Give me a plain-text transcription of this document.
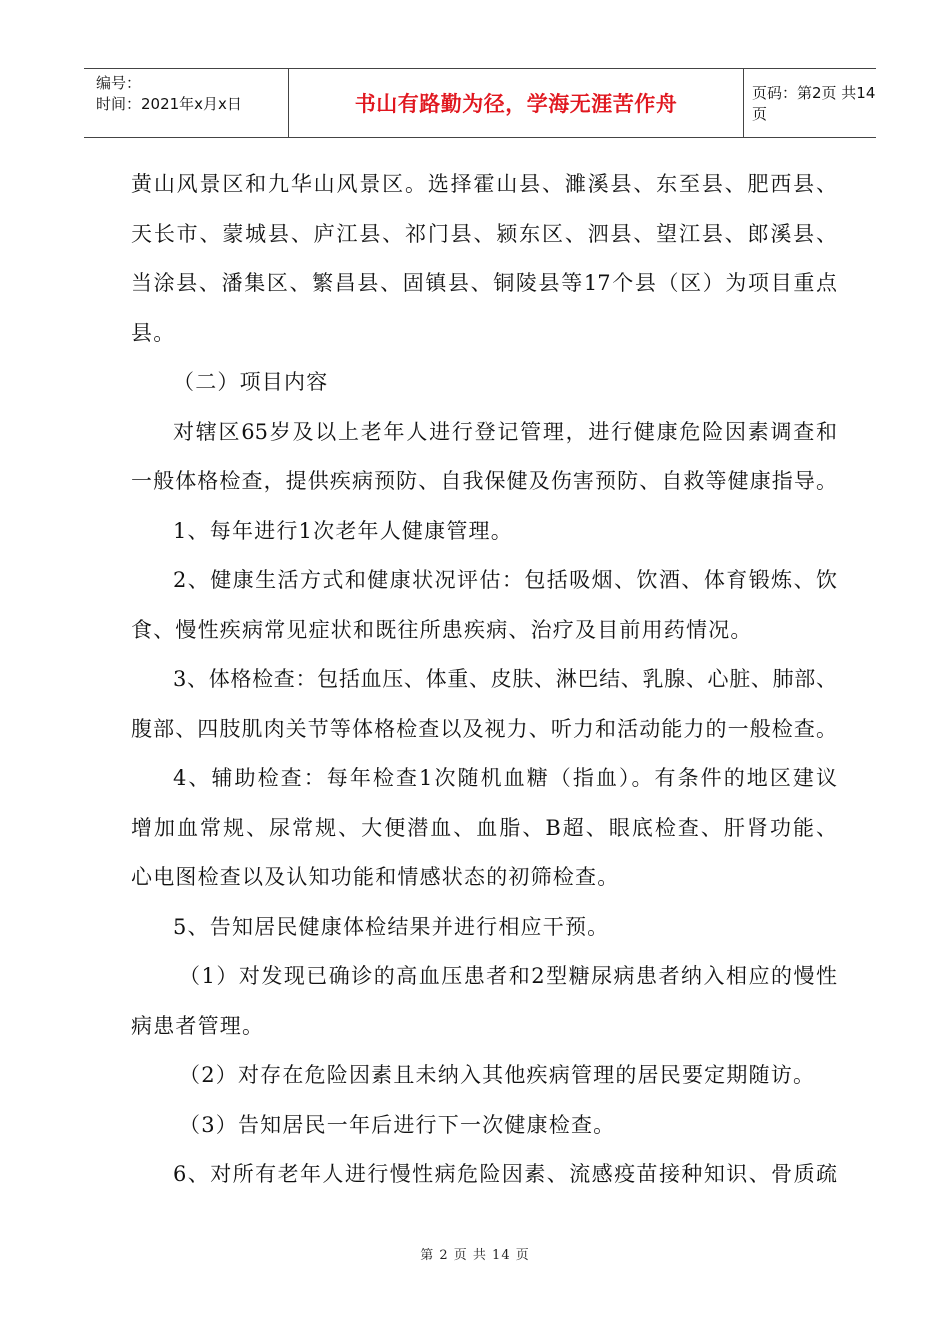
编号：
时间：2021年x月x日	书山有路勤为径，学海无涯苦作舟	页码：第2页 共14页
黄山风景区和九华山风景区。选择霍山县、濉溪县、东至县、肥西县、
天长市、蒙城县、庐江县、祁门县、颍东区、泗县、望江县、郎溪县、
当涂县、潘集区、繁昌县、固镇县、铜陵县等17个县（区）为项目重点
县。
（二）项目内容
对辖区65岁及以上老年人进行登记管理，进行健康危险因素调查和
一般体格检查，提供疾病预防、自我保健及伤害预防、自救等健康指导。
1、每年进行1次老年人健康管理。
2、健康生活方式和健康状况评估：包括吸烟、饮酒、体育锻炼、饮
食、慢性疾病常见症状和既往所患疾病、治疗及目前用药情况。
3、体格检查：包括血压、体重、皮肤、淋巴结、乳腺、心脏、肺部、
腹部、四肢肌肉关节等体格检查以及视力、听力和活动能力的一般检查。
4、辅助检查：每年检查1次随机血糖（指血）。有条件的地区建议
增加血常规、尿常规、大便潜血、血脂、B超、眼底检查、肝肾功能、
心电图检查以及认知功能和情感状态的初筛检查。
5、告知居民健康体检结果并进行相应干预。
（1）对发现已确诊的高血压患者和2型糖尿病患者纳入相应的慢性
病患者管理。
（2）对存在危险因素且未纳入其他疾病管理的居民要定期随访。
（3）告知居民一年后进行下一次健康检查。
6、对所有老年人进行慢性病危险因素、流感疫苗接种知识、骨质疏
第 2 页 共 14 页
